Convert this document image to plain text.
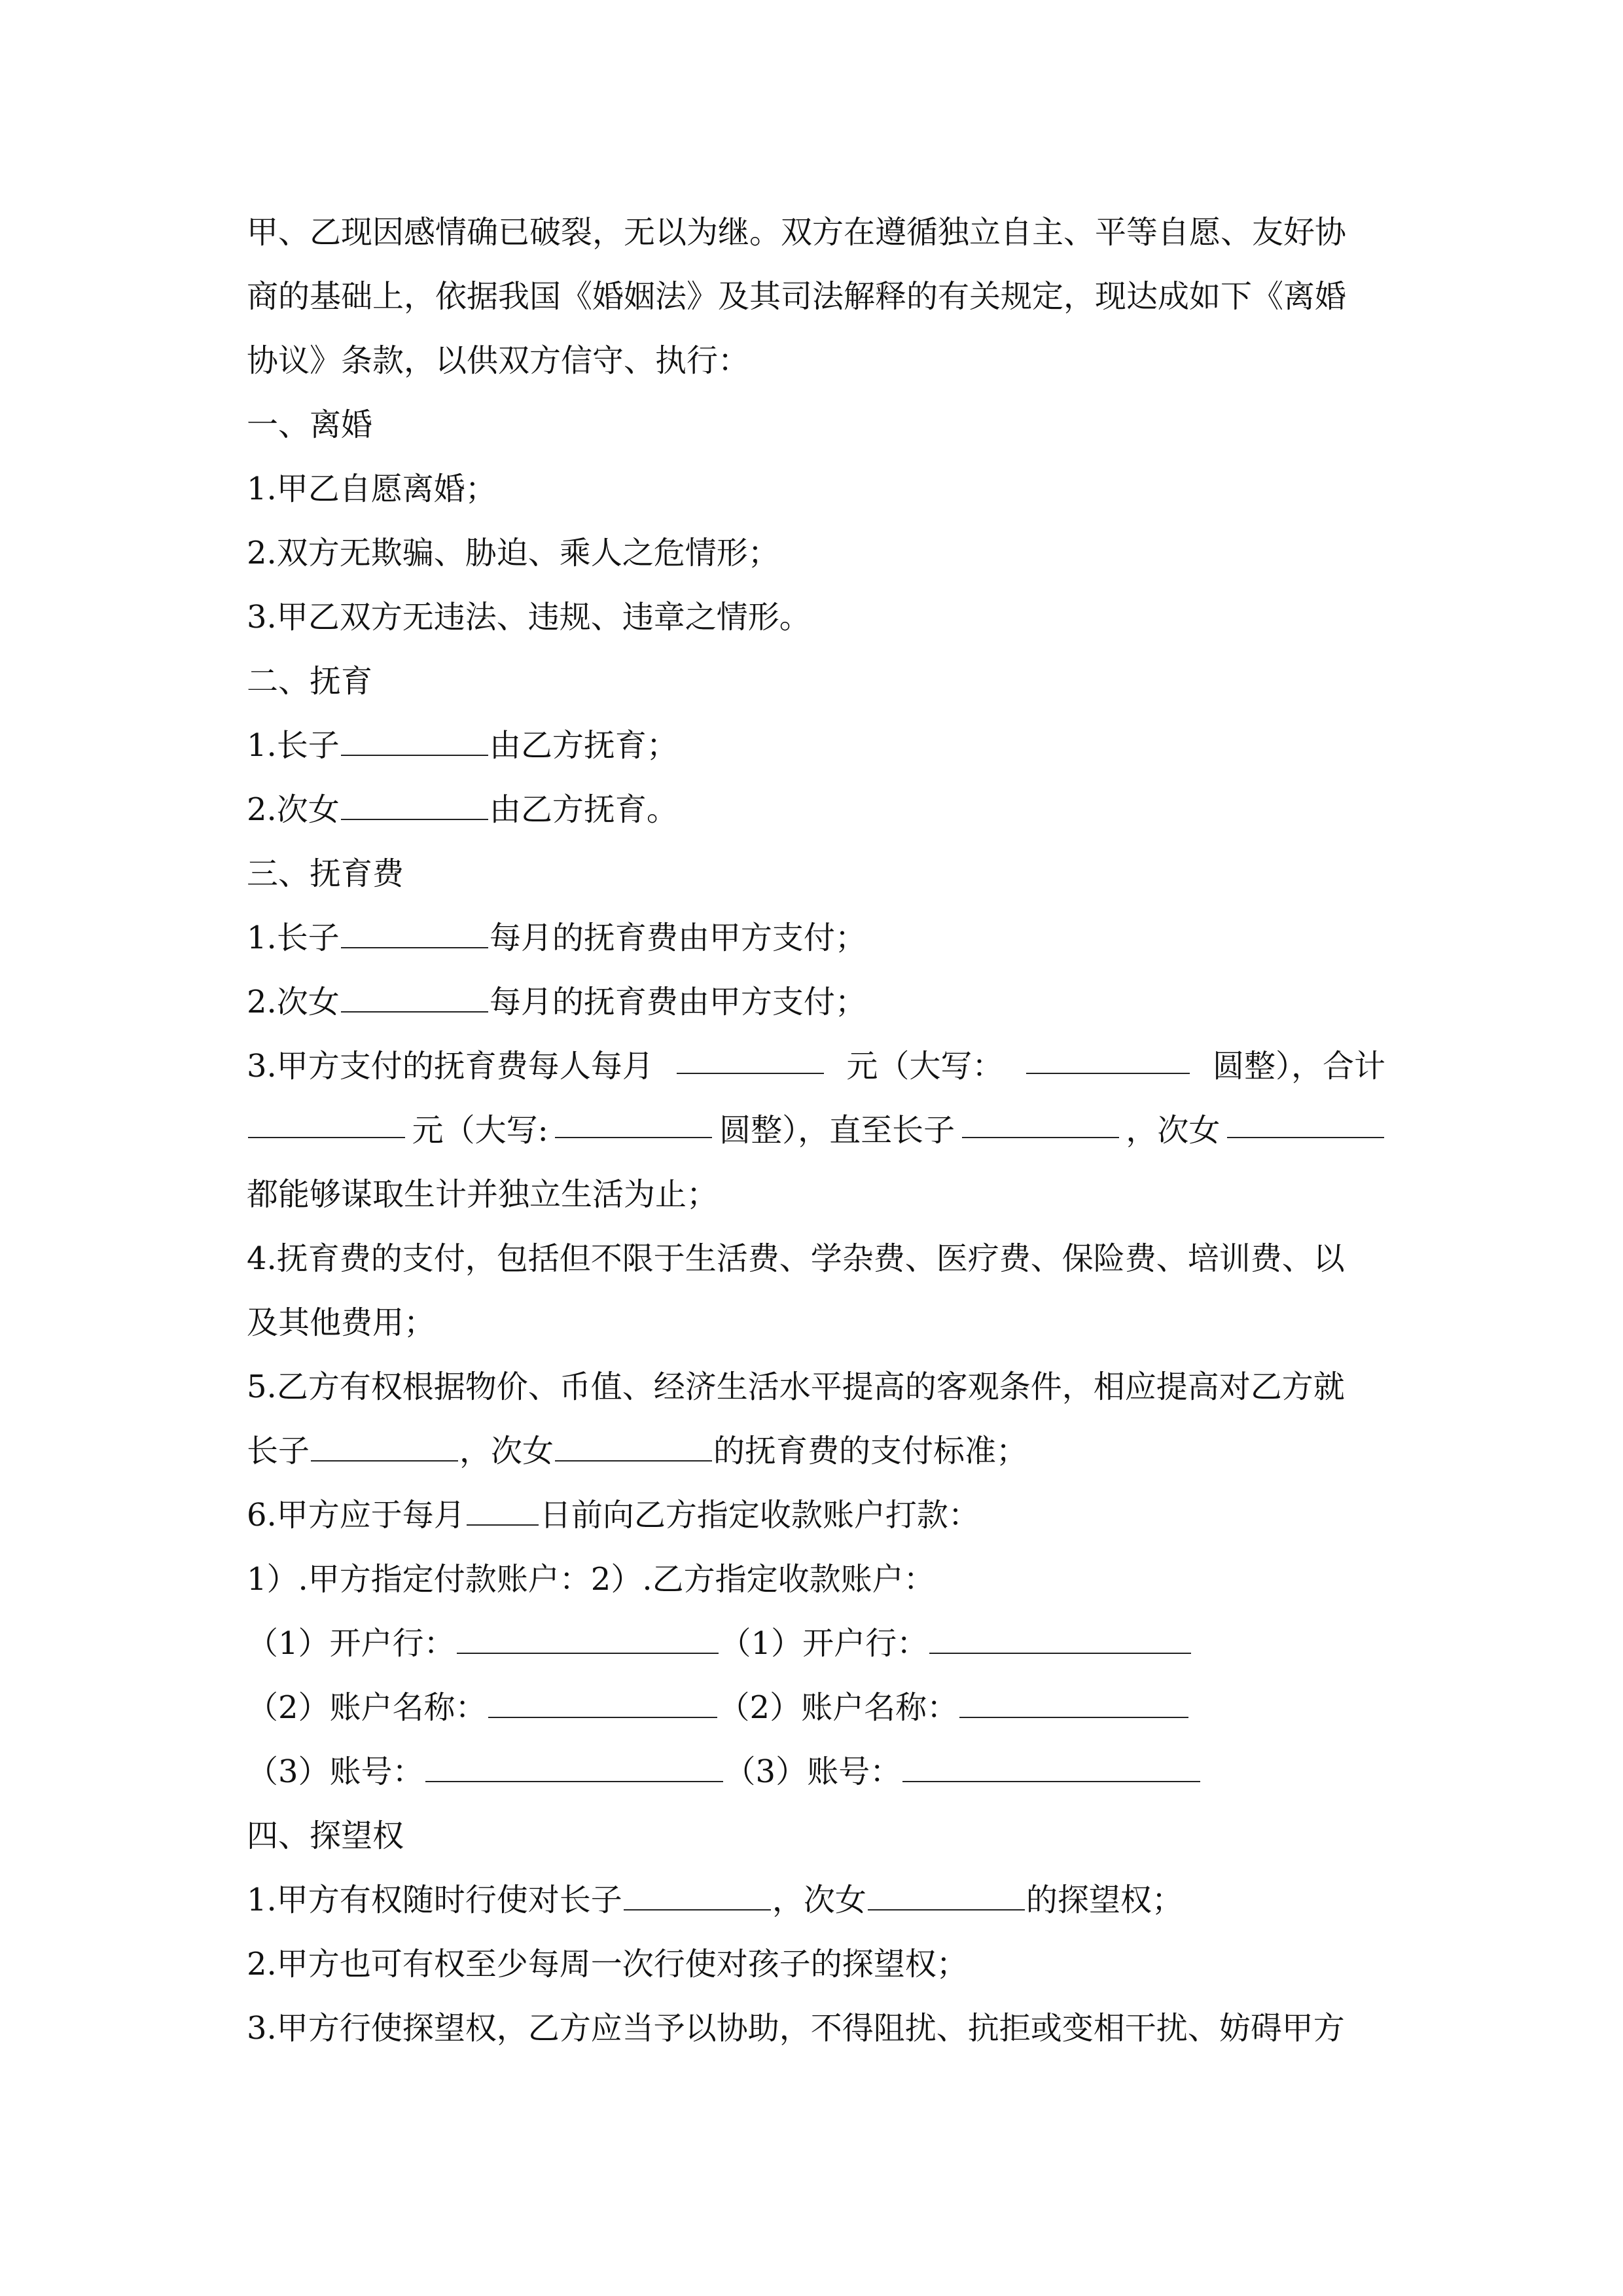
甲、乙现因感情确已破裂，无以为继。双方在遵循独立自主、平等自愿、友好协
商的基础上，依据我国《婚姻法》及其司法解释的有关规定，现达成如下《离婚
协议》条款，以供双方信守、执行：
一、离婚
1.甲乙自愿离婚；
2.双方无欺骗、胁迫、乘人之危情形；
3.甲乙双方无违法、违规、违章之情形。
二、抚育
1.长子	由乙方抚育；
2.次女	由乙方抚育。
三、抚育费
1.长子	每月的抚育费由甲方支付；
2.次女	每月的抚育费由甲方支付；
3.甲方支付的抚育费每人每月	元（大写：	圆整），合计
元（大写:	圆整），直至长子	，次女
都能够谋取生计并独立生活为止；
4.抚育费的支付，包括但不限于生活费、学杂费、医疗费、保险费、培训费、以
及其他费用；
5.乙方有权根据物价、币值、经济生活水平提高的客观条件，相应提高对乙方就
长子	，次女	的抚育费的支付标准；
6.甲方应于每月 日前向乙方指定收款账户打款：
1）.甲方指定付款账户：2）.乙方指定收款账户：
（1）开户行：	（1）开户行：
（2）账户名称：	（2）账户名称：
（3）账号：	（3）账号：
四、探望权
1.甲方有权随时行使对长子	，次女	的探望权；
2.甲方也可有权至少每周一次行使对孩子的探望权；
3.甲方行使探望权，乙方应当予以协助，不得阻扰、抗拒或变相干扰、妨碍甲方
